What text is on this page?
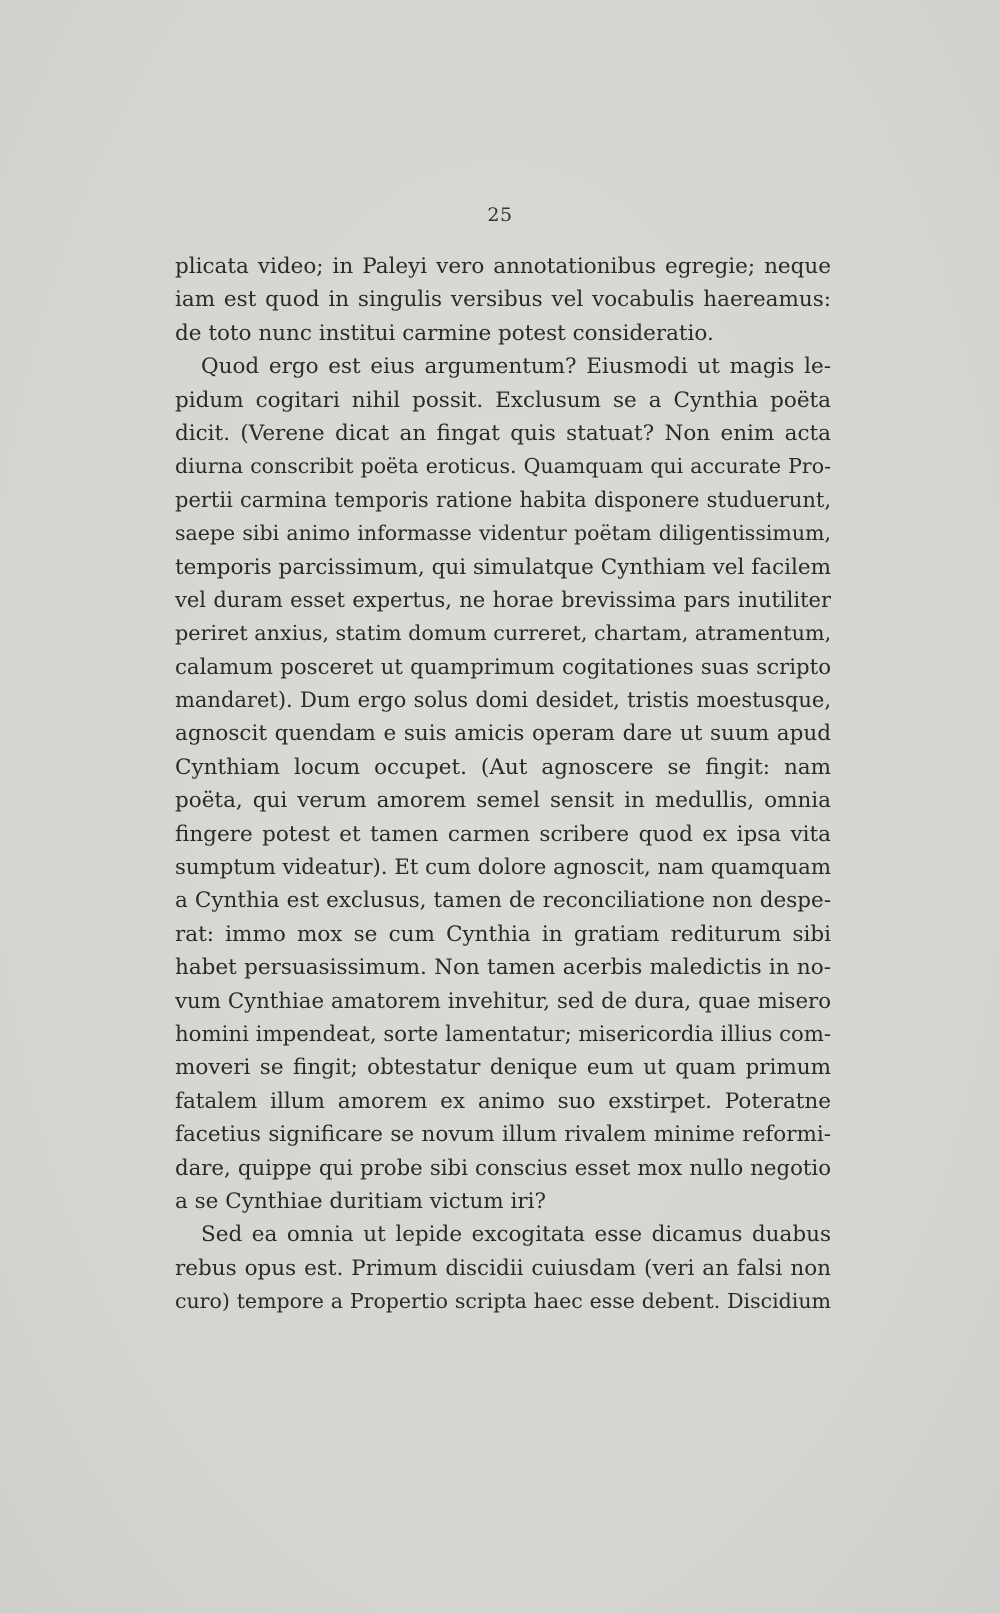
25
plicata video; in Paleyi vero annotationibus egregie; neque
iam est quod in singulis versibus vel vocabulis haereamus:
de toto nunc institui carmine potest consideratio.
Quod ergo est eius argumentum? Eiusmodi ut magis le-
pidum cogitari nihil possit. Exclusum se a Cynthia poëta
dicit. (Verene dicat an fingat quis statuat? Non enim acta
diurna conscribit poëta eroticus. Quamquam qui accurate Pro-
pertii carmina temporis ratione habita disponere studuerunt,
saepe sibi animo informasse videntur poëtam diligentissimum,
temporis parcissimum, qui simulatque Cynthiam vel facilem
vel duram esset expertus, ne horae brevissima pars inutiliter
periret anxius, statim domum curreret, chartam, atramentum,
calamum posceret ut quamprimum cogitationes suas scripto
mandaret). Dum ergo solus domi desidet, tristis moestusque,
agnoscit quendam e suis amicis operam dare ut suum apud
Cynthiam locum occupet. (Aut agnoscere se fingit: nam
poëta, qui verum amorem semel sensit in medullis, omnia
fingere potest et tamen carmen scribere quod ex ipsa vita
sumptum videatur). Et cum dolore agnoscit, nam quamquam
a Cynthia est exclusus, tamen de reconciliatione non despe-
rat: immo mox se cum Cynthia in gratiam rediturum sibi
habet persuasissimum. Non tamen acerbis maledictis in no-
vum Cynthiae amatorem invehitur, sed de dura, quae misero
homini impendeat, sorte lamentatur; misericordia illius com-
moveri se fingit; obtestatur denique eum ut quam primum
fatalem illum amorem ex animo suo exstirpet. Poteratne
facetius significare se novum illum rivalem minime reformi-
dare, quippe qui probe sibi conscius esset mox nullo negotio
a se Cynthiae duritiam victum iri?
Sed ea omnia ut lepide excogitata esse dicamus duabus
rebus opus est. Primum discidii cuiusdam (veri an falsi non
curo) tempore a Propertio scripta haec esse debent. Discidium
